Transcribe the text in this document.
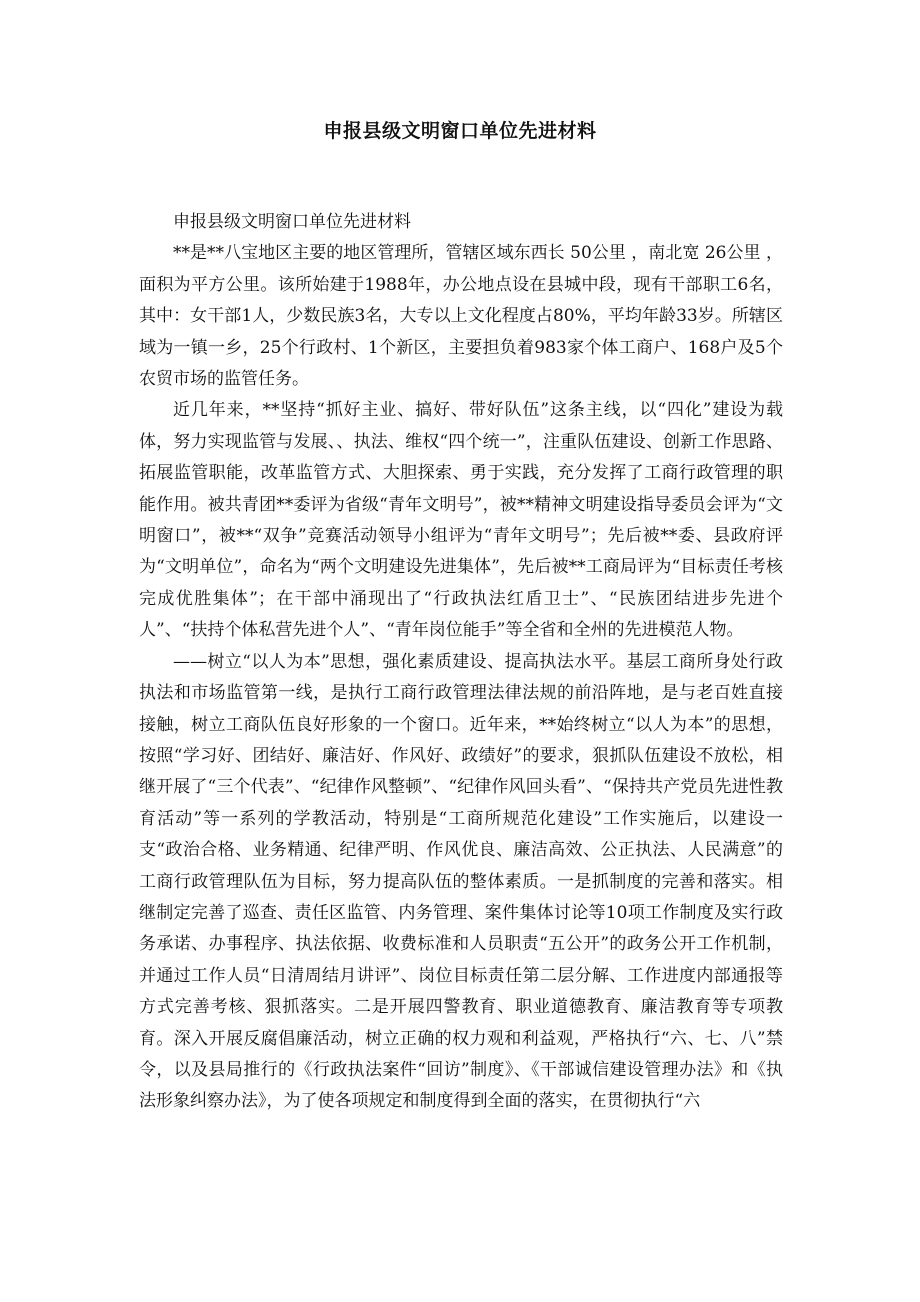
申报县级文明窗口单位先进材料

申报县级文明窗口单位先进材料

**是**八宝地区主要的地区管理所，管辖区域东西长 50公里 ，南北宽 26公里 ，面积为平方公里。该所始建于1988年，办公地点设在县城中段，现有干部职工6名，其中：女干部1人，少数民族3名，大专以上文化程度占80%，平均年龄33岁。所辖区域为一镇一乡，25个行政村、1个新区，主要担负着983家个体工商户、168户及5个农贸市场的监管任务。

近几年来，**坚持“抓好主业、搞好、带好队伍”这条主线，以“四化”建设为载体，努力实现监管与发展、、执法、维权“四个统一”，注重队伍建设、创新工作思路、拓展监管职能，改革监管方式、大胆探索、勇于实践，充分发挥了工商行政管理的职能作用。被共青团**委评为省级“青年文明号”，被**精神文明建设指导委员会评为“文明窗口”，被**“双争”竞赛活动领导小组评为“青年文明号”；先后被**委、县政府评为“文明单位”，命名为“两个文明建设先进集体”，先后被**工商局评为“目标责任考核完成优胜集体”；在干部中涌现出了“行政执法红盾卫士”、“民族团结进步先进个人”、“扶持个体私营先进个人”、“青年岗位能手”等全省和全州的先进模范人物。

——树立“以人为本”思想，强化素质建设、提高执法水平。基层工商所身处行政执法和市场监管第一线，是执行工商行政管理法律法规的前沿阵地，是与老百姓直接接触，树立工商队伍良好形象的一个窗口。近年来，**始终树立“以人为本”的思想，按照“学习好、团结好、廉洁好、作风好、政绩好”的要求，狠抓队伍建设不放松，相继开展了“三个代表”、“纪律作风整顿”、“纪律作风回头看”、“保持共产党员先进性教育活动”等一系列的学教活动，特别是“工商所规范化建设”工作实施后，以建设一支“政治合格、业务精通、纪律严明、作风优良、廉洁高效、公正执法、人民满意”的工商行政管理队伍为目标，努力提高队伍的整体素质。一是抓制度的完善和落实。相继制定完善了巡查、责任区监管、内务管理、案件集体讨论等10项工作制度及实行政务承诺、办事程序、执法依据、收费标准和人员职责“五公开”的政务公开工作机制，并通过工作人员“日清周结月讲评”、岗位目标责任第二层分解、工作进度内部通报等方式完善考核、狠抓落实。二是开展四警教育、职业道德教育、廉洁教育等专项教育。深入开展反腐倡廉活动，树立正确的权力观和利益观，严格执行“六、七、八”禁令，以及县局推行的《行政执法案件“回访”制度》、《干部诚信建设管理办法》和《执法形象纠察办法》，为了使各项规定和制度得到全面的落实，在贯彻执行“六
